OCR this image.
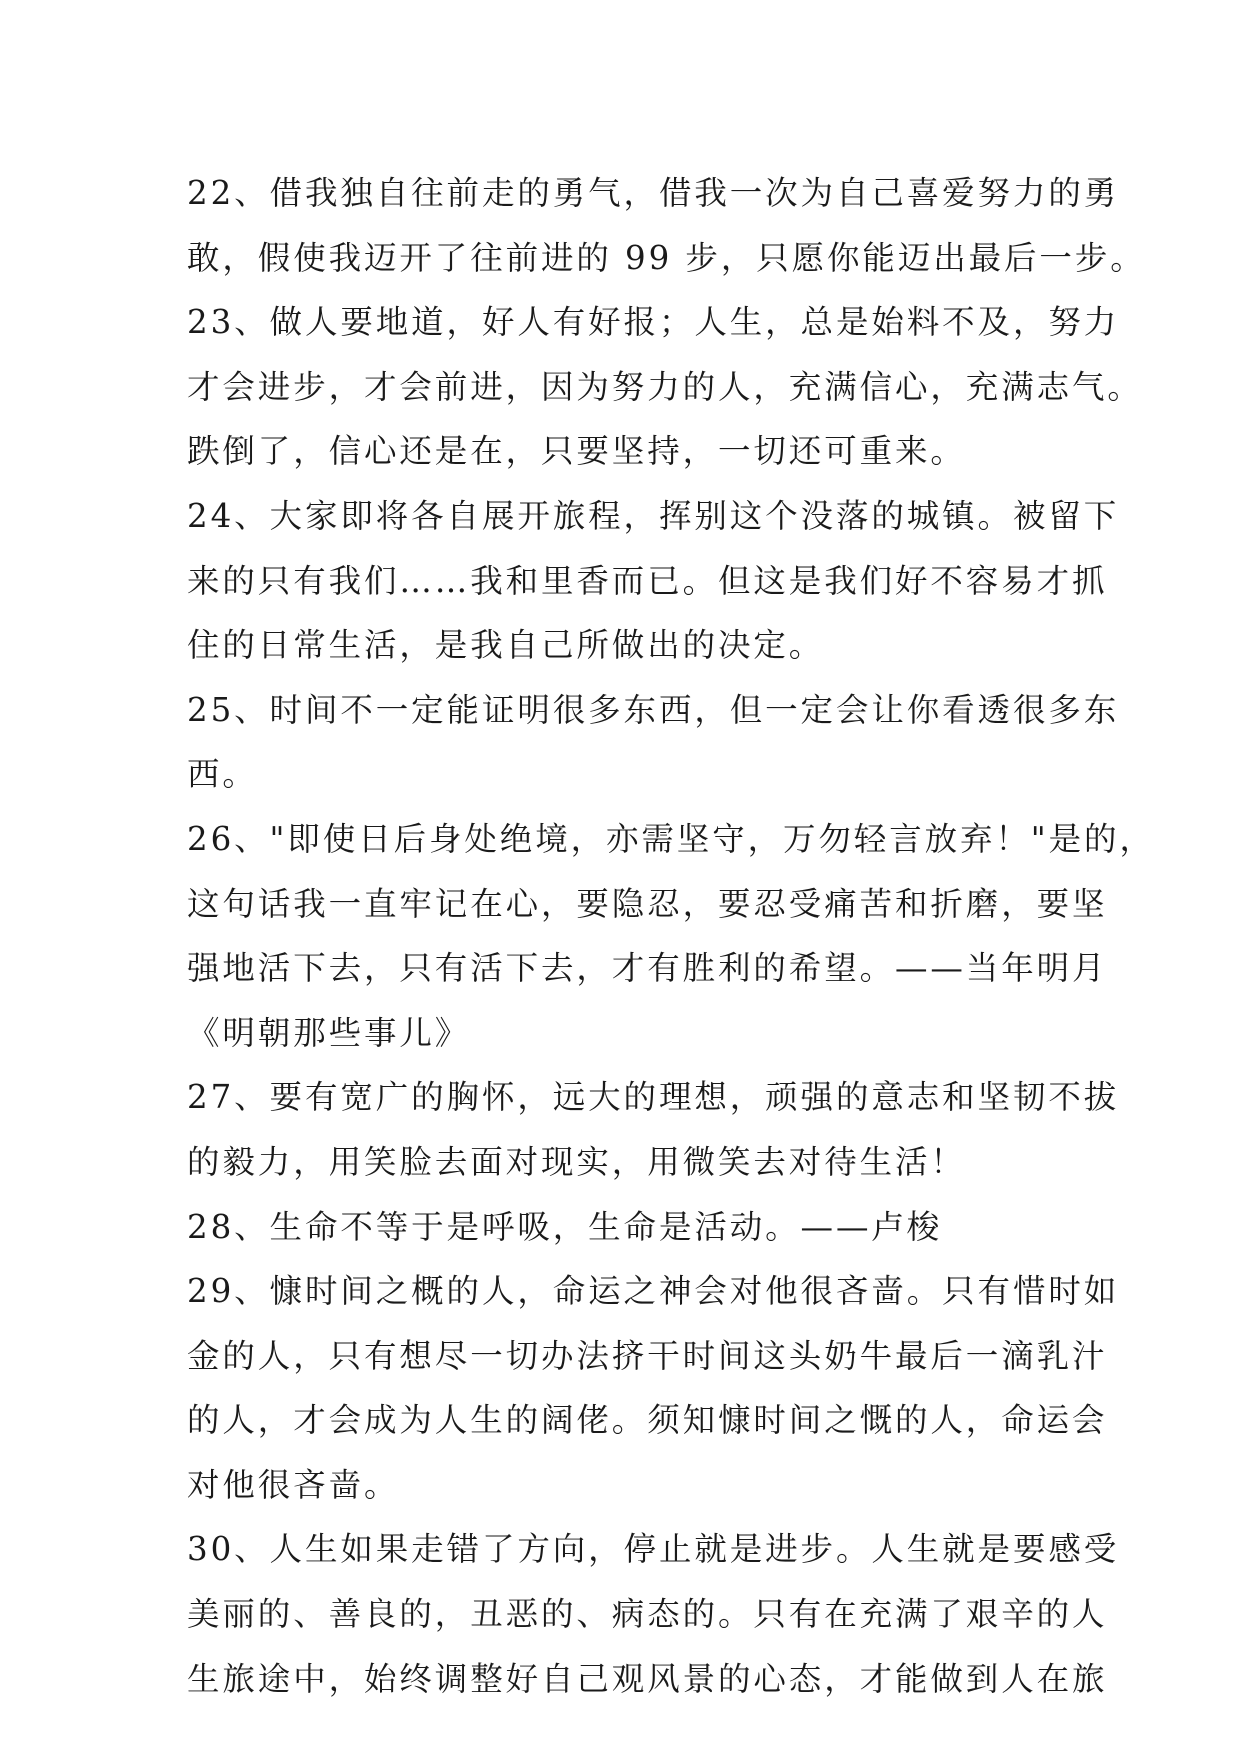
22、借我独自往前走的勇气，借我一次为自己喜爱努力的勇
敢，假使我迈开了往前进的 99 步，只愿你能迈出最后一步。
23、做人要地道，好人有好报；人生，总是始料不及，努力
才会进步，才会前进，因为努力的人，充满信心，充满志气。
跌倒了，信心还是在，只要坚持，一切还可重来。
24、大家即将各自展开旅程，挥别这个没落的城镇。被留下
来的只有我们……我和里香而已。但这是我们好不容易才抓
住的日常生活，是我自己所做出的决定。
25、时间不一定能证明很多东西，但一定会让你看透很多东
西。
26、"即使日后身处绝境，亦需坚守，万勿轻言放弃！"是的，
这句话我一直牢记在心，要隐忍，要忍受痛苦和折磨，要坚
强地活下去，只有活下去，才有胜利的希望。——当年明月
《明朝那些事儿》
27、要有宽广的胸怀，远大的理想，顽强的意志和坚韧不拔
的毅力，用笑脸去面对现实，用微笑去对待生活！
28、生命不等于是呼吸，生命是活动。——卢梭
29、慷时间之概的人，命运之神会对他很吝啬。只有惜时如
金的人，只有想尽一切办法挤干时间这头奶牛最后一滴乳汁
的人，才会成为人生的阔佬。须知慷时间之慨的人，命运会
对他很吝啬。
30、人生如果走错了方向，停止就是进步。人生就是要感受
美丽的、善良的，丑恶的、病态的。只有在充满了艰辛的人
生旅途中，始终调整好自己观风景的心态，才能做到人在旅
